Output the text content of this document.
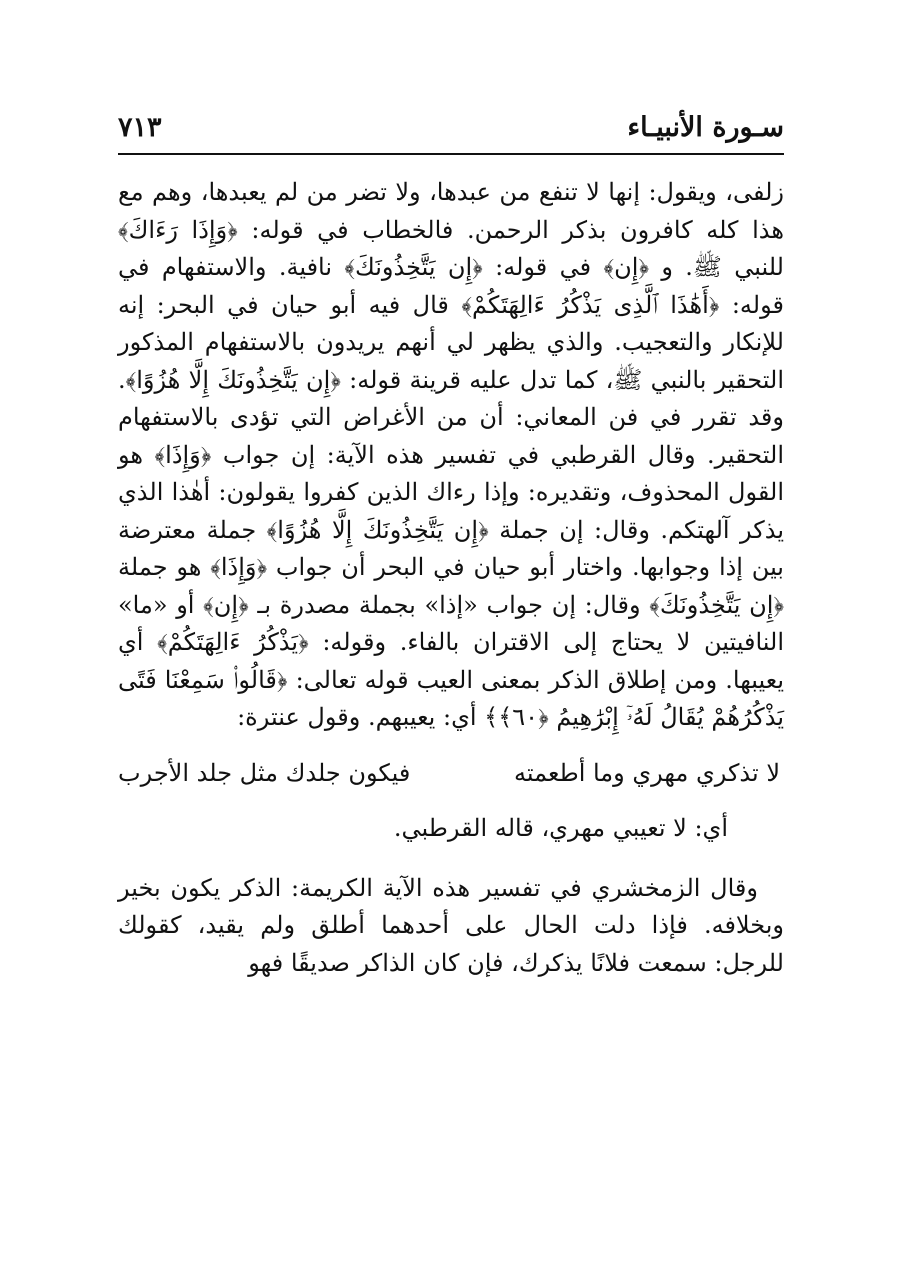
سـورة الأنبيـاء
٧١٣

زلفى، ويقول: إنها لا تنفع من عبدها، ولا تضر من لم يعبدها، وهم مع هذا كله كافرون بذكر الرحمن. فالخطاب في قوله: ﴿وَإِذَا رَءَاكَ﴾ للنبي ﷺ. و ﴿إِن﴾ في قوله: ﴿إِن يَتَّخِذُونَكَ﴾ نافية. والاستفهام في قوله: ﴿أَهَٰذَا ٱلَّذِى يَذْكُرُ ءَالِهَتَكُمْ﴾ قال فيه أبو حيان في البحر: إنه للإنكار والتعجيب. والذي يظهر لي أنهم يريدون بالاستفهام المذكور التحقير بالنبي ﷺ، كما تدل عليه قرينة قوله: ﴿إِن يَتَّخِذُونَكَ إِلَّا هُزُوًا﴾. وقد تقرر في فن المعاني: أن من الأغراض التي تؤدى بالاستفهام التحقير. وقال القرطبي في تفسير هذه الآية: إن جواب ﴿وَإِذَا﴾ هو القول المحذوف، وتقديره: وإذا رءاك الذين كفروا يقولون: أهٰذا الذي يذكر آلهتكم. وقال: إن جملة ﴿إِن يَتَّخِذُونَكَ إِلَّا هُزُوًا﴾ جملة معترضة بين إذا وجوابها. واختار أبو حيان في البحر أن جواب ﴿وَإِذَا﴾ هو جملة ﴿إِن يَتَّخِذُونَكَ﴾ وقال: إن جواب «إذا» بجملة مصدرة بـ ﴿إِن﴾ أو «ما» النافيتين لا يحتاج إلى الاقتران بالفاء. وقوله: ﴿يَذْكُرُ ءَالِهَتَكُمْ﴾ أي يعيبها. ومن إطلاق الذكر بمعنى العيب قوله تعالى: ﴿قَالُوا۟ سَمِعْنَا فَتًى يَذْكُرُهُمْ يُقَالُ لَهُۥٓ إِبْرَٰهِيمُ ﴿٦٠﴾﴾ أي: يعيبهم. وقول عنترة:

لا تذكري مهري وما أطعمته
فيكون جلدك مثل جلد الأجرب
أي: لا تعيبي مهري، قاله القرطبي.

وقال الزمخشري في تفسير هذه الآية الكريمة: الذكر يكون بخير وبخلافه. فإذا دلت الحال على أحدهما أطلق ولم يقيد، كقولك للرجل: سمعت فلانًا يذكرك، فإن كان الذاكر صديقًا فهو
